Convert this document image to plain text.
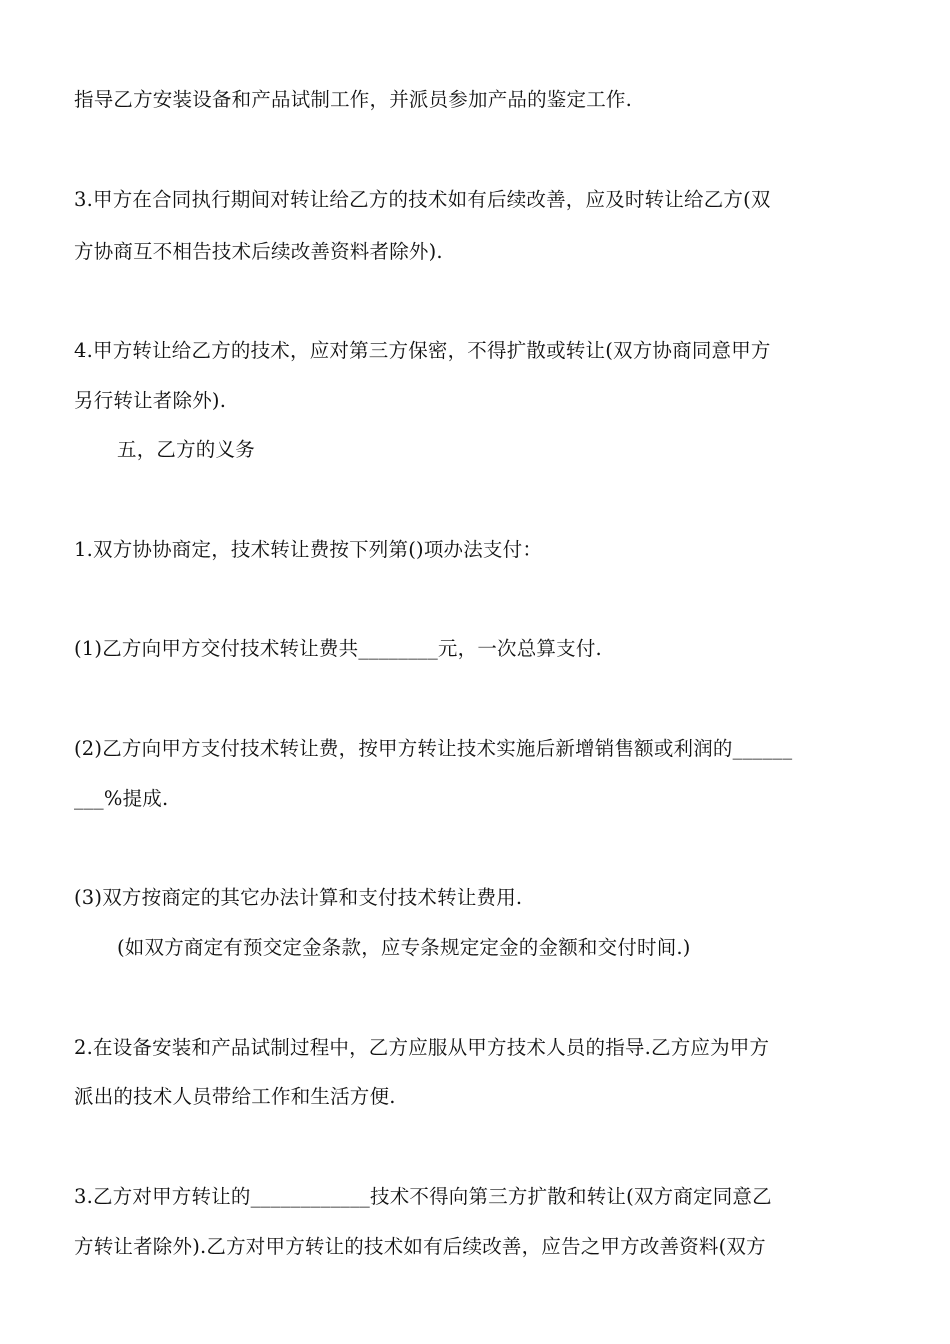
指导乙方安装设备和产品试制工作，并派员参加产品的鉴定工作.
3.甲方在合同执行期间对转让给乙方的技术如有后续改善，应及时转让给乙方(双
方协商互不相告技术后续改善资料者除外).
4.甲方转让给乙方的技术，应对第三方保密，不得扩散或转让(双方协商同意甲方
另行转让者除外).
五，乙方的义务
1.双方协协商定，技术转让费按下列第()项办法支付：
(1)乙方向甲方交付技术转让费共________元，一次总算支付.
(2)乙方向甲方支付技术转让费，按甲方转让技术实施后新增销售额或利润的______
___%提成.
(3)双方按商定的其它办法计算和支付技术转让费用.
(如双方商定有预交定金条款，应专条规定定金的金额和交付时间.)
2.在设备安装和产品试制过程中，乙方应服从甲方技术人员的指导.乙方应为甲方
派出的技术人员带给工作和生活方便.
3.乙方对甲方转让的____________技术不得向第三方扩散和转让(双方商定同意乙
方转让者除外).乙方对甲方转让的技术如有后续改善，应告之甲方改善资料(双方
